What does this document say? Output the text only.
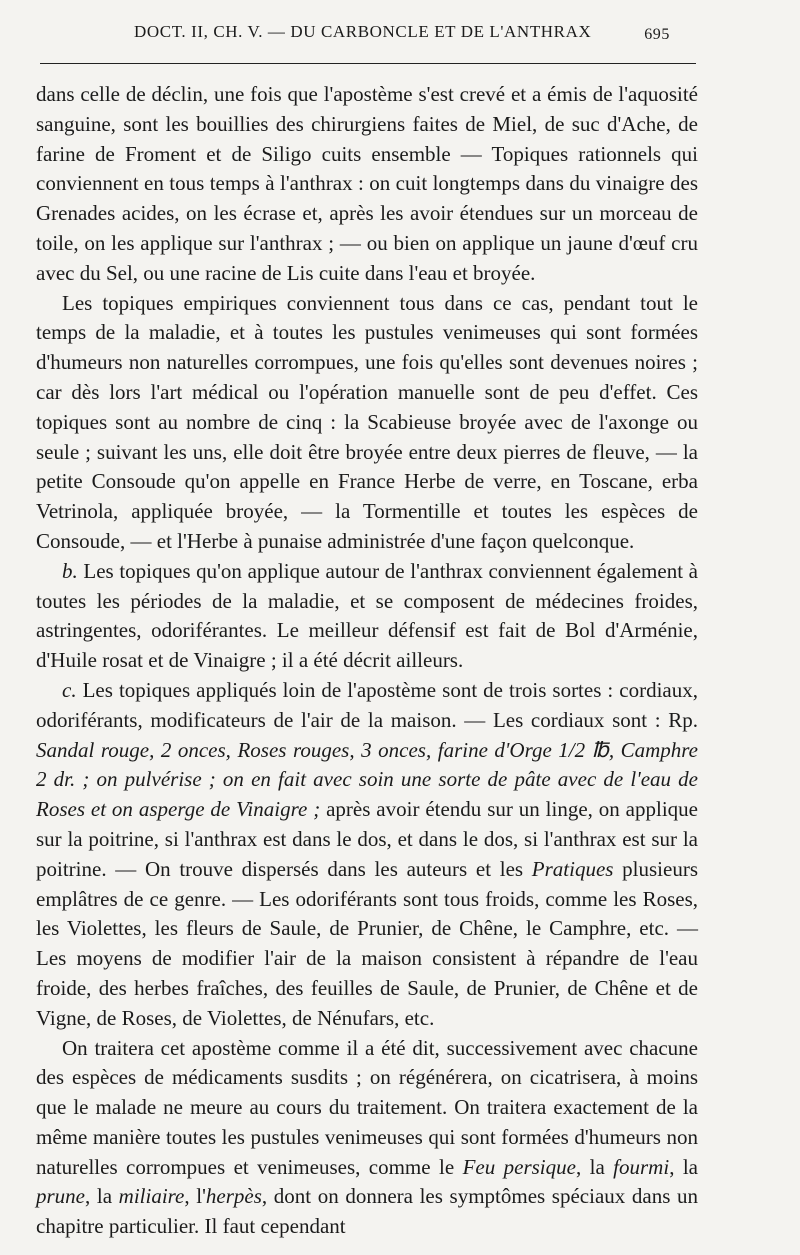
DOCT. II, CH. V. — DU CARBONCLE ET DE L'ANTHRAX	695

dans celle de déclin, une fois que l'apostème s'est crevé et a émis de l'aquosité sanguine, sont les bouillies des chirurgiens faites de Miel, de suc d'Ache, de farine de Froment et de Siligo cuits ensemble — Topiques rationnels qui conviennent en tous temps à l'anthrax : on cuit longtemps dans du vinaigre des Grenades acides, on les écrase et, après les avoir étendues sur un morceau de toile, on les applique sur l'anthrax ; — ou bien on applique un jaune d'œuf cru avec du Sel, ou une racine de Lis cuite dans l'eau et broyée.

Les topiques empiriques conviennent tous dans ce cas, pendant tout le temps de la maladie, et à toutes les pustules venimeuses qui sont formées d'humeurs non naturelles corrompues, une fois qu'elles sont devenues noires ; car dès lors l'art médical ou l'opération manuelle sont de peu d'effet. Ces topiques sont au nombre de cinq : la Scabieuse broyée avec de l'axonge ou seule ; suivant les uns, elle doit être broyée entre deux pierres de fleuve, — la petite Consoude qu'on appelle en France Herbe de verre, en Toscane, erba Vetrinola, appliquée broyée, — la Tormentille et toutes les espèces de Consoude, — et l'Herbe à punaise administrée d'une façon quelconque.

b. Les topiques qu'on applique autour de l'anthrax conviennent également à toutes les périodes de la maladie, et se composent de médecines froides, astringentes, odoriférantes. Le meilleur défensif est fait de Bol d'Arménie, d'Huile rosat et de Vinaigre ; il a été décrit ailleurs.

c. Les topiques appliqués loin de l'apostème sont de trois sortes : cordiaux, odoriférants, modificateurs de l'air de la maison. — Les cordiaux sont : Rp. Sandal rouge, 2 onces, Roses rouges, 3 onces, farine d'Orge 1/2 ℔, Camphre 2 dr. ; on pulvérise ; on en fait avec soin une sorte de pâte avec de l'eau de Roses et on asperge de Vinaigre ; après avoir étendu sur un linge, on applique sur la poitrine, si l'anthrax est dans le dos, et dans le dos, si l'anthrax est sur la poitrine. — On trouve dispersés dans les auteurs et les Pratiques plusieurs emplâtres de ce genre. — Les odoriférants sont tous froids, comme les Roses, les Violettes, les fleurs de Saule, de Prunier, de Chêne, le Camphre, etc. — Les moyens de modifier l'air de la maison consistent à répandre de l'eau froide, des herbes fraîches, des feuilles de Saule, de Prunier, de Chêne et de Vigne, de Roses, de Violettes, de Nénufars, etc.

On traitera cet apostème comme il a été dit, successivement avec chacune des espèces de médicaments susdits ; on régénérera, on cicatrisera, à moins que le malade ne meure au cours du traitement. On traitera exactement de la même manière toutes les pustules venimeuses qui sont formées d'humeurs non naturelles corrompues et venimeuses, comme le Feu persique, la fourmi, la prune, la miliaire, l'herpès, dont on donnera les symptômes spéciaux dans un chapitre particulier. Il faut cependant
